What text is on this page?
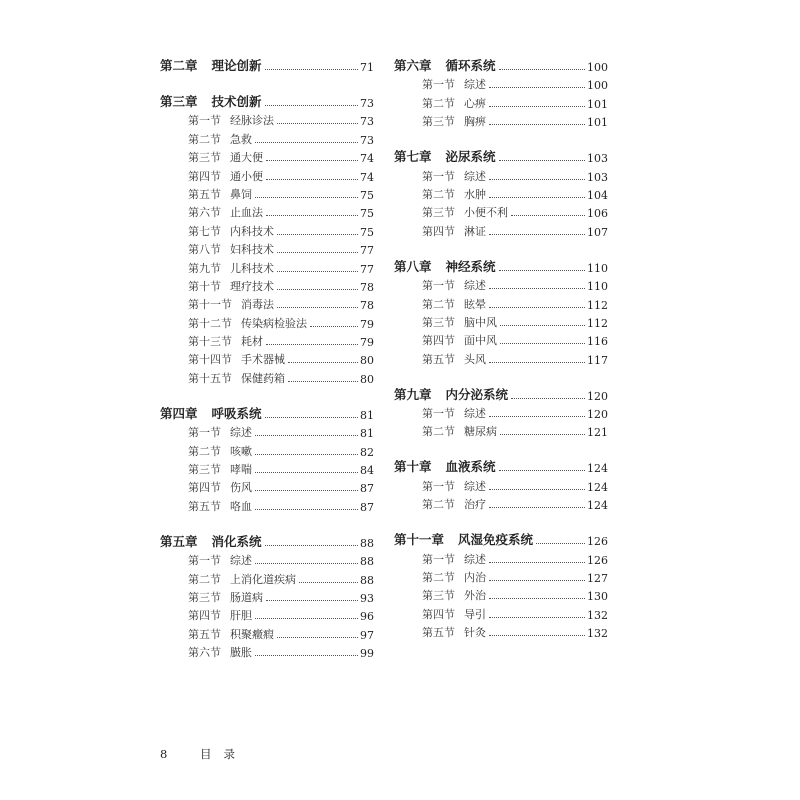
第二章 理论创新	71
第三章 技术创新	73
第一节 经脉诊法	73
第二节 急救	73
第三节 通大便	74
第四节 通小便	74
第五节 鼻饲	75
第六节 止血法	75
第七节 内科技术	75
第八节 妇科技术	77
第九节 儿科技术	77
第十节 理疗技术	78
第十一节 消毒法	78
第十二节 传染病检验法	79
第十三节 耗材	79
第十四节 手术器械	80
第十五节 保健药箱	80
第四章 呼吸系统	81
第一节 综述	81
第二节 咳嗽	82
第三节 哮喘	84
第四节 伤风	87
第五节 咯血	87
第五章 消化系统	88
第一节 综述	88
第二节 上消化道疾病	88
第三节 肠道病	93
第四节 肝胆	96
第五节 积聚癥瘕	97
第六节 臌胀	99
第六章 循环系统	100
第一节 综述	100
第二节 心痹	101
第三节 胸痹	101
第七章 泌尿系统	103
第一节 综述	103
第二节 水肿	104
第三节 小便不利	106
第四节 淋证	107
第八章 神经系统	110
第一节 综述	110
第二节 眩晕	112
第三节 脑中风	112
第四节 面中风	116
第五节 头风	117
第九章 内分泌系统	120
第一节 综述	120
第二节 糖尿病	121
第十章 血液系统	124
第一节 综述	124
第二节 治疗	124
第十一章 风湿免疫系统	126
第一节 综述	126
第二节 内治	127
第三节 外治	130
第四节 导引	132
第五节 针灸	132
8	目录
